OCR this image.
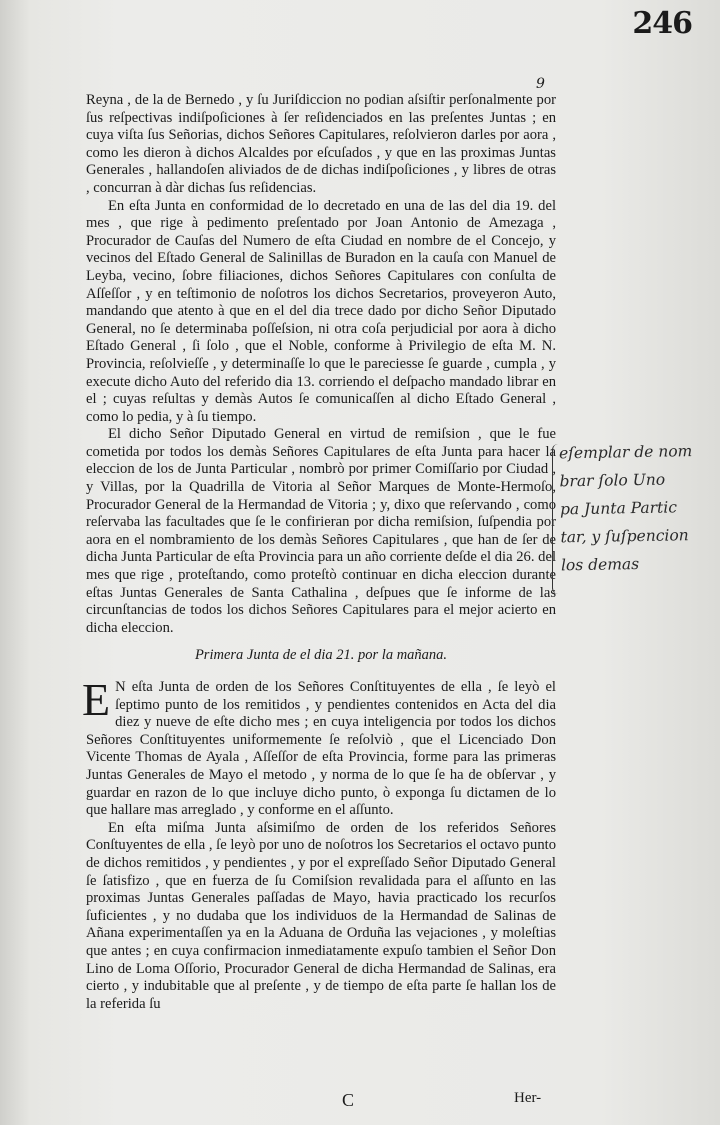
246
9

Reyna , de la de Bernedo , y ſu Juriſdiccion no podian aſsiſtir perſonalmente por ſus reſpectivas indiſpoſiciones à ſer reſidenciados en las preſentes Juntas ; en cuya viſta ſus Señorias, dichos Señores Capitulares, reſolvieron darles por aora , como les dieron à dichos Alcaldes por eſcuſados , y que en las proximas Juntas Generales , hallandoſen aliviados de de dichas indiſpoſiciones , y libres de otras , concurran à dàr dichas ſus reſidencias.

En eſta Junta en conformidad de lo decretado en una de las del dia 19. del mes , que rige à pedimento preſentado por Joan Antonio de Amezaga , Procurador de Cauſas del Numero de eſta Ciudad en nombre de el Concejo, y vecinos del Eſtado General de Salinillas de Buradon en la cauſa con Manuel de Leyba, vecino, ſobre filiaciones, dichos Señores Capitulares con conſulta de Aſſeſſor , y en teſtimonio de noſotros los dichos Secretarios, proveyeron Auto, mandando que atento à que en el del dia trece dado por dicho Señor Diputado General, no ſe determinaba poſſeſsion, ni otra coſa perjudicial por aora à dicho Eſtado General , ſi ſolo , que el Noble, conforme à Privilegio de eſta M. N. Provincia, reſolvieſſe , y determinaſſe lo que le pareciesse ſe guarde , cumpla , y execute dicho Auto del referido dia 13. corriendo el deſpacho mandado librar en el ; cuyas reſultas y demàs Autos ſe comunicaſſen al dicho Eſtado General , como lo pedia, y à ſu tiempo.

El dicho Señor Diputado General en virtud de remiſsion , que le fue cometida por todos los demàs Señores Capitulares de eſta Junta para hacer la eleccion de los de Junta Particular , nombrò por primer Comiſſario por Ciudad , y Villas, por la Quadrilla de Vitoria al Señor Marques de Monte-Hermoſo, Procurador General de la Hermandad de Vitoria ; y, dixo que reſervando , como reſervaba las facultades que ſe le confirieran por dicha remiſsion, ſuſpendia por aora en el nombramiento de los demàs Señores Capitulares , que han de ſer de dicha Junta Particular de eſta Provincia para un año corriente deſde el dia 26. del mes que rige , proteſtando, como proteſtò continuar en dicha eleccion durante eſtas Juntas Generales de Santa Cathalina , deſpues que ſe informe de las circunſtancias de todos los dichos Señores Capitulares para el mejor acierto en dicha eleccion.

Primera Junta de el dia 21. por la mañana.

E N eſta Junta de orden de los Señores Conſtituyentes de ella , ſe leyò el ſeptimo punto de los remitidos , y pendientes contenidos en Acta del dia diez y nueve de eſte dicho mes ; en cuya inteligencia por todos los dichos Señores Conſtituyentes uniformemente ſe reſolviò , que el Licenciado Don Vicente Thomas de Ayala , Aſſeſſor de eſta Provincia, forme para las primeras Juntas Generales de Mayo el metodo , y norma de lo que ſe ha de obſervar , y guardar en razon de lo que incluye dicho punto, ò exponga ſu dictamen de lo que hallare mas arreglado , y conforme en el aſſunto.

En eſta miſma Junta aſsimiſmo de orden de los referidos Señores Conſtuyentes de ella , ſe leyò por uno de noſotros los Secretarios el octavo punto de dichos remitidos , y pendientes , y por el expreſſado Señor Diputado General ſe ſatisfizo , que en fuerza de ſu Comiſsion revalidada para el aſſunto en las proximas Juntas Generales paſſadas de Mayo, havia practicado los recurſos ſuficientes , y no dudaba que los individuos de la Hermandad de Salinas de Añana experimentaſſen ya en la Aduana de Orduña las vejaciones , y moleſtias que antes ; en cuya confirmacion inmediatamente expuſo tambien el Señor Don Lino de Loma Oſſorio, Procurador General de dicha Hermandad de Salinas, era cierto , y indubitable que al preſente , y de tiempo de eſta parte ſe hallan los de la referida ſu

eſemplar de nom
brar ſolo Uno
pa Junta Partic
tar, y ſuſpencion
los demas
C	Her-
